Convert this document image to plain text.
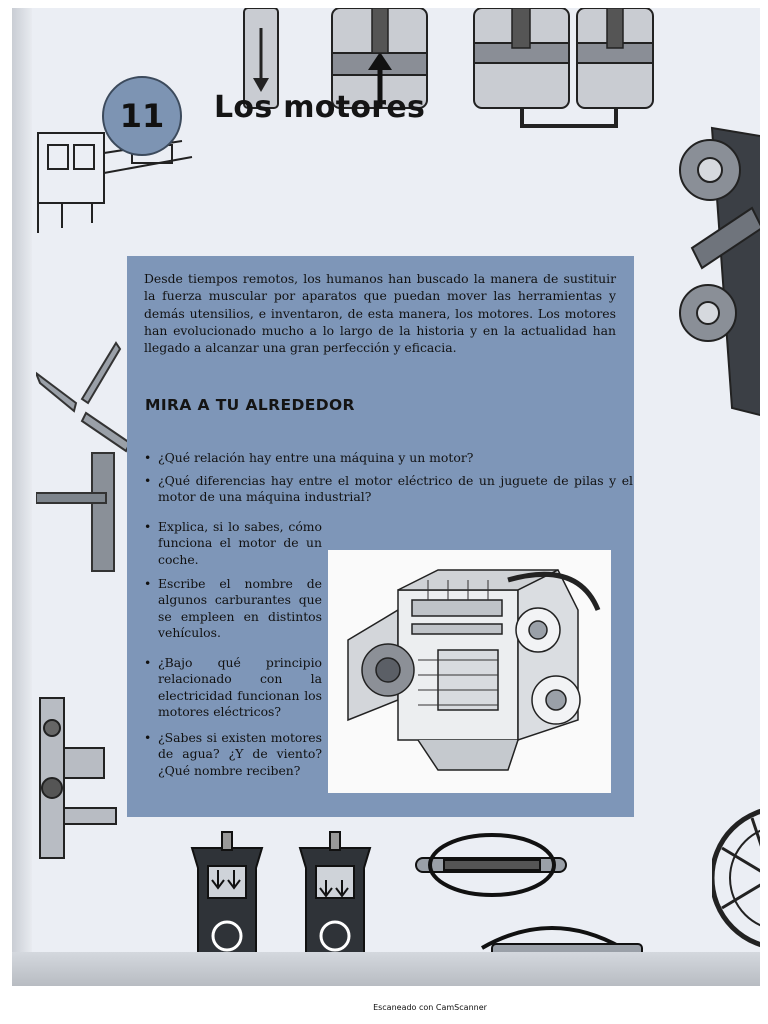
11 Los motores

Desde tiempos remotos, los humanos han buscado la manera de sustituir la fuerza muscular por aparatos que puedan mover las herramientas y demás utensilios, e inventaron, de esta manera, los motores. Los motores han evolucionado mucho a lo largo de la historia y en la actualidad han llegado a alcanzar una gran perfección y eficacia.

MIRA A TU ALREDEDOR
• ¿Qué relación hay entre una máquina y un motor?
• ¿Qué diferencias hay entre el motor eléctrico de un juguete de pilas y el motor de una máquina industrial?
• Explica, si lo sabes, cómo funciona el motor de un coche.
• Escribe el nombre de algunos carburantes que se empleen en distintos vehículos.
• ¿Bajo qué principio relacionado con la electricidad funcionan los motores eléctricos?
• ¿Sabes si existen motores de agua? ¿Y de viento? ¿Qué nombre reciben?
Escaneado con CamScanner
